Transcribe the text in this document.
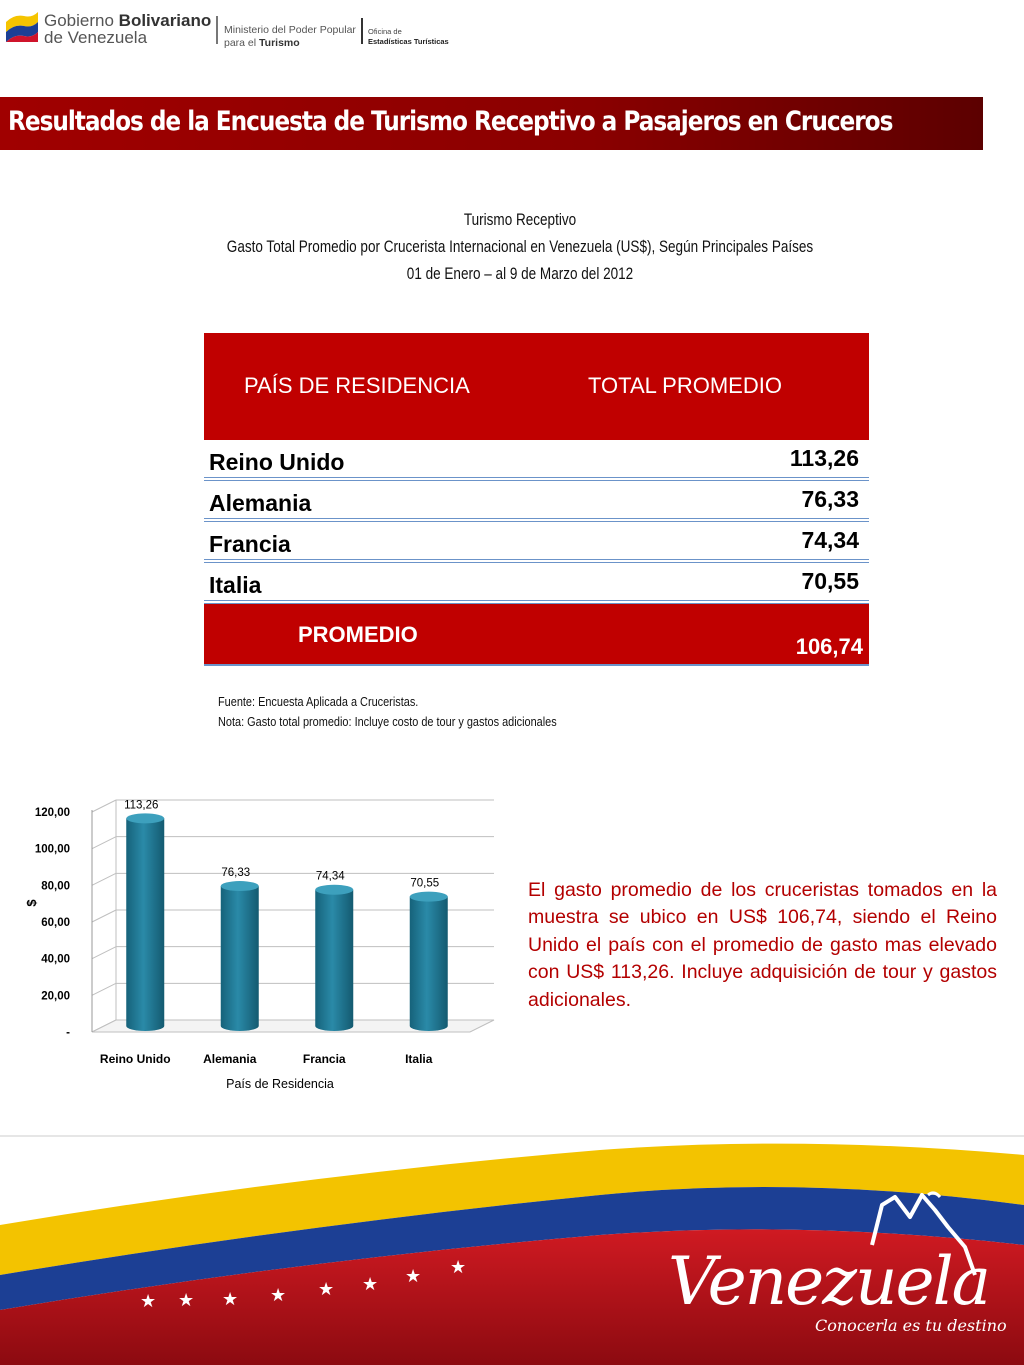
Gobierno Bolivariano
de Venezuela	Ministerio del Poder Popular
para el Turismo
Oficina de
Estadísticas Turísticas
Resultados de la Encuesta de Turismo Receptivo a Pasajeros en Cruceros
Turismo Receptivo
Gasto Total Promedio por Crucerista Internacional en Venezuela (US$), Según Principales Países
01 de Enero – al 9 de Marzo del 2012
PAÍS DE RESIDENCIA	TOTAL PROMEDIO
Reino Unido	113,26
Alemania	76,33
Francia	74,34
Italia	70,55
PROMEDIO	106,74
Fuente: Encuesta Aplicada a Cruceristas.
Nota: Gasto total promedio: Incluye costo de tour y gastos adicionales
-
20,00
40,00
60,00
80,00
100,00
120,00
$
113,26
Reino Unido
76,33
Alemania
74,34
Francia
70,55
Italia
País de Residencia
El gasto promedio de los cruceristas tomados en la muestra se ubico en US$ 106,74, siendo el Reino Unido el país con el promedio de gasto mas elevado con US$ 113,26. Incluye adquisición de tour y gastos adicionales.
★ ★ ★ ★ ★ ★ ★ ★	Venezuela
Conocerla es tu destino
